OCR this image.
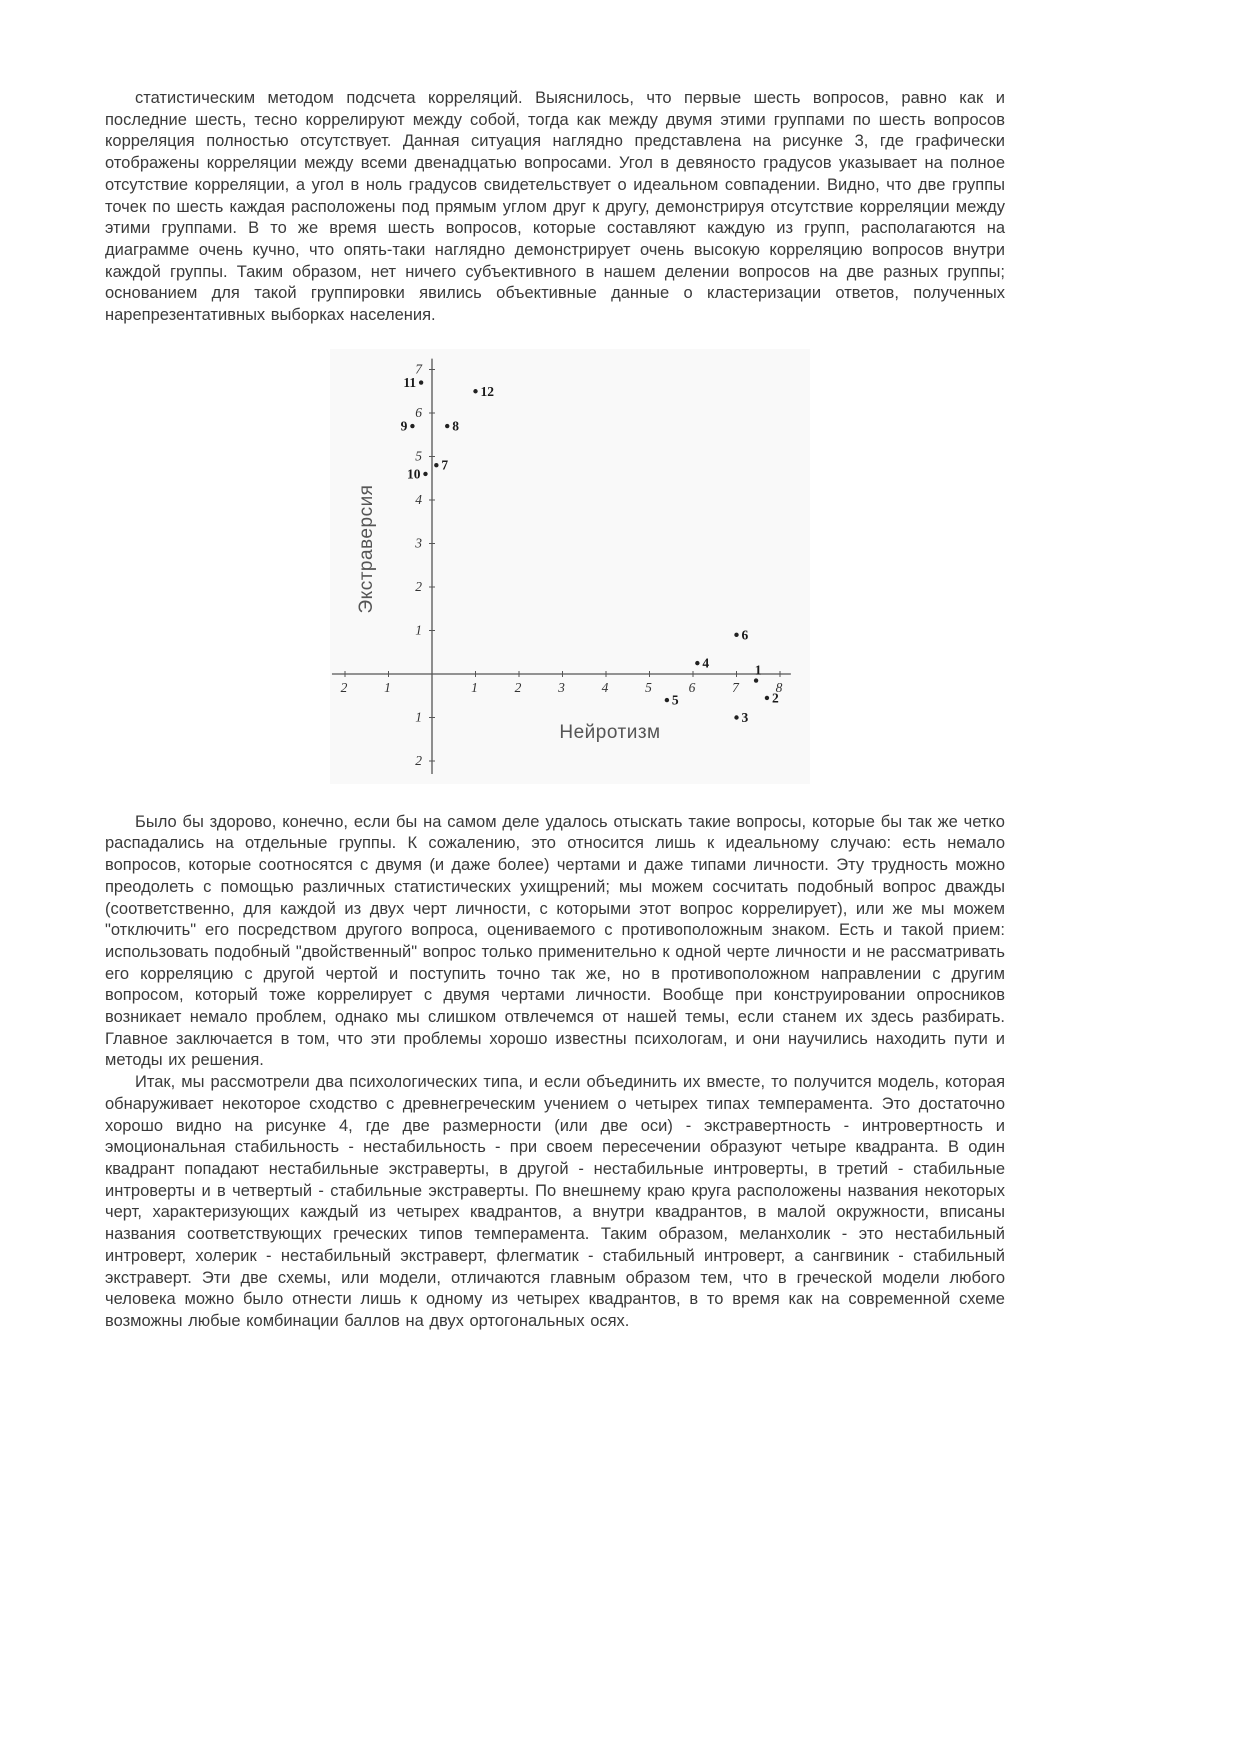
статистическим методом подсчета корреляций. Выяснилось, что первые шесть вопросов, равно как и последние шесть, тесно коррелируют между собой, тогда как между двумя этими группами по шесть вопросов корреляция полностью отсутствует. Данная ситуация наглядно представлена на рисунке 3, где графически отображены корреляции между всеми двенадцатью вопросами. Угол в девяносто градусов указывает на полное отсутствие корреляции, а угол в ноль градусов свидетельствует о идеальном совпадении. Видно, что две группы точек по шесть каждая расположены под прямым углом друг к другу, демонстрируя отсутствие корреляции между этими группами. В то же время шесть вопросов, которые составляют каждую из групп, располагаются на диаграмме очень кучно, что опять-таки наглядно демонстрирует очень высокую корреляцию вопросов внутри каждой группы. Таким образом, нет ничего субъективного в нашем делении вопросов на две разных группы; основанием для такой группировки явились объективные данные о кластеризации ответов, полученных нарепрезентативных выборках населения.

2	1	1	2	3	4	5	6	7	8
7
6
5
4
3
2
1
1
2
11
12
9	8
10
7
6
4	1
5	2
3
Экстраверсия
Нейротизм

Было бы здорово, конечно, если бы на самом деле удалось отыскать такие вопросы, которые бы так же четко распадались на отдельные группы. К сожалению, это относится лишь к идеальному случаю: есть немало вопросов, которые соотносятся с двумя (и даже более) чертами и даже типами личности. Эту трудность можно преодолеть с помощью различных статистических ухищрений; мы можем сосчитать подобный вопрос дважды (соответственно, для каждой из двух черт личности, с которыми этот вопрос коррелирует), или же мы можем "отключить" его посредством другого вопроса, оцениваемого с противоположным знаком. Есть и такой прием: использовать подобный "двойственный" вопрос только применительно к одной черте личности и не рассматривать его корреляцию с другой чертой и поступить точно так же, но в противоположном направлении с другим вопросом, который тоже коррелирует с двумя чертами личности. Вообще при конструировании опросников возникает немало проблем, однако мы слишком отвлечемся от нашей темы, если станем их здесь разбирать. Главное заключается в том, что эти проблемы хорошо известны психологам, и они научились находить пути и методы их решения.

Итак, мы рассмотрели два психологических типа, и если объединить их вместе, то получится модель, которая обнаруживает некоторое сходство с древнегреческим учением о четырех типах темперамента. Это достаточно хорошо видно на рисунке 4, где две размерности (или две оси) - экстравертность - интровертность и эмоциональная стабильность - нестабильность - при своем пересечении образуют четыре квадранта. В один квадрант попадают нестабильные экстраверты, в другой - нестабильные интроверты, в третий - стабильные интроверты и в четвертый - стабильные экстраверты. По внешнему краю круга расположены названия некоторых черт, характеризующих каждый из четырех квадрантов, а внутри квадрантов, в малой окружности, вписаны названия соответствующих греческих типов темперамента. Таким образом, меланхолик - это нестабильный интроверт, холерик - нестабильный экстраверт, флегматик - стабильный интроверт, а сангвиник - стабильный экстраверт. Эти две схемы, или модели, отличаются главным образом тем, что в греческой модели любого человека можно было отнести лишь к одному из четырех квадрантов, в то время как на современной схеме возможны любые комбинации баллов на двух ортогональных осях.
